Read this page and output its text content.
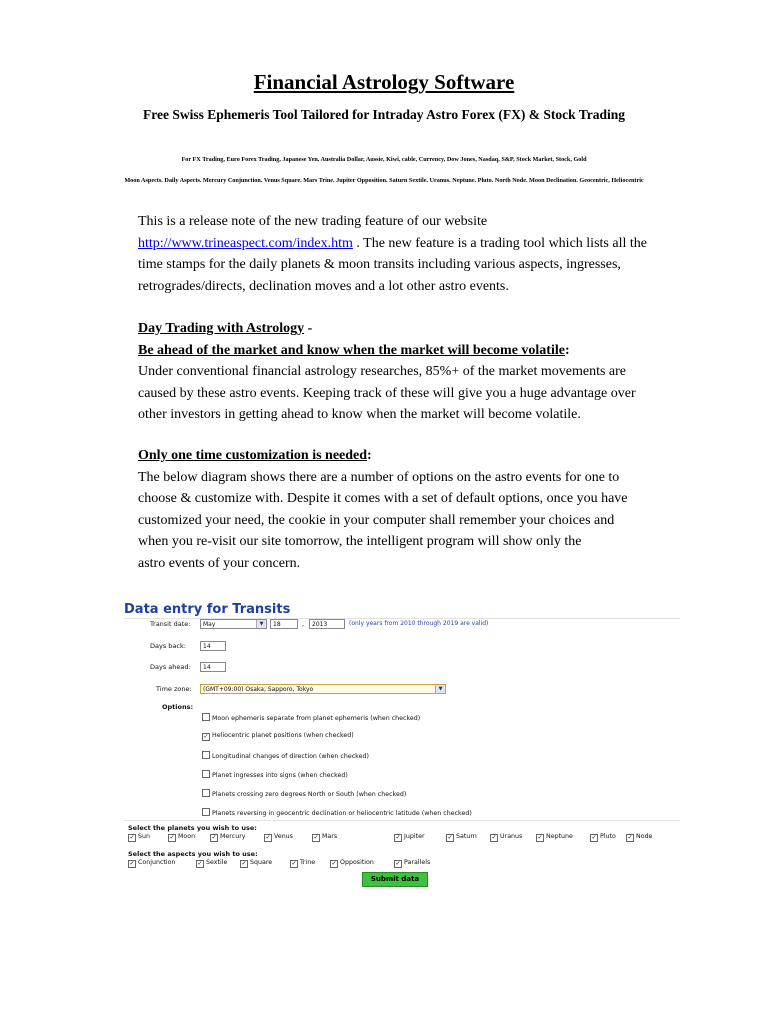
Financial Astrology Software
Free Swiss Ephemeris Tool Tailored for Intraday Astro Forex (FX) & Stock Trading
For FX Trading, Euro Forex Trading, Japanese Yen, Australia Dollar, Aussie, Kiwi, cable, Currency, Dow Jones, Nasdaq, S&P, Stock Market, Stock, Gold
Moon Aspects. Daily Aspects. Mercury Conjunction. Venus Square. Mars Trine. Jupiter Opposition. Saturn Sextile. Uranus. Neptune. Pluto. North Node. Moon Declination. Geocentric, Heliocentric
This is a release note of the new trading feature of our website
http://www.trineaspect.com/index.htm . The new feature is a trading tool which lists all the time stamps for the daily planets & moon transits including various aspects, ingresses, retrogrades/directs, declination moves and a lot other astro events.
Day Trading with Astrology -
Be ahead of the market and know when the market will become volatile:

Under conventional financial astrology researches, 85%+ of the market movements are caused by these astro events. Keeping track of these will give you a huge advantage over other investors in getting ahead to know when the market will become volatile.

Only one time customization is needed:
The below diagram shows there are a number of options on the astro events for one to
choose & customize with. Despite it comes with a set of default options, once you have
customized your need, the cookie in your computer shall remember your choices and
when you re-visit our site tomorrow, the intelligent program will show only the
astro events of your concern.
Data entry for Transits
Transit date:	May	▼	18	,	2013	(only years from 2010 through 2019 are valid)
Days back:	14
Days ahead:	14
Time zone:	(GMT+09:00) Osaka, Sapporo, Tokyo	▼
Options:
Moon ephemeris separate from planet ephemeris (when checked)
✓ Heliocentric planet positions (when checked)
Longitudinal changes of direction (when checked)
Planet ingresses into signs (when checked)
Planets crossing zero degrees North or South (when checked)
Planets reversing in geocentric declination or heliocentric latitude (when checked)
Select the planets you wish to use:
✓ Sun	✓ Moon	✓ Mercury	✓ Venus	✓ Mars	✓ Jupiter	✓ Saturn ✓ Uranus	✓ Neptune	✓ Pluto ✓ Node
Select the aspects you wish to use:
✓ Conjunction	✓ Sextile ✓ Square	✓ Trine	✓ Opposition	✓ Parallels
Submit data
